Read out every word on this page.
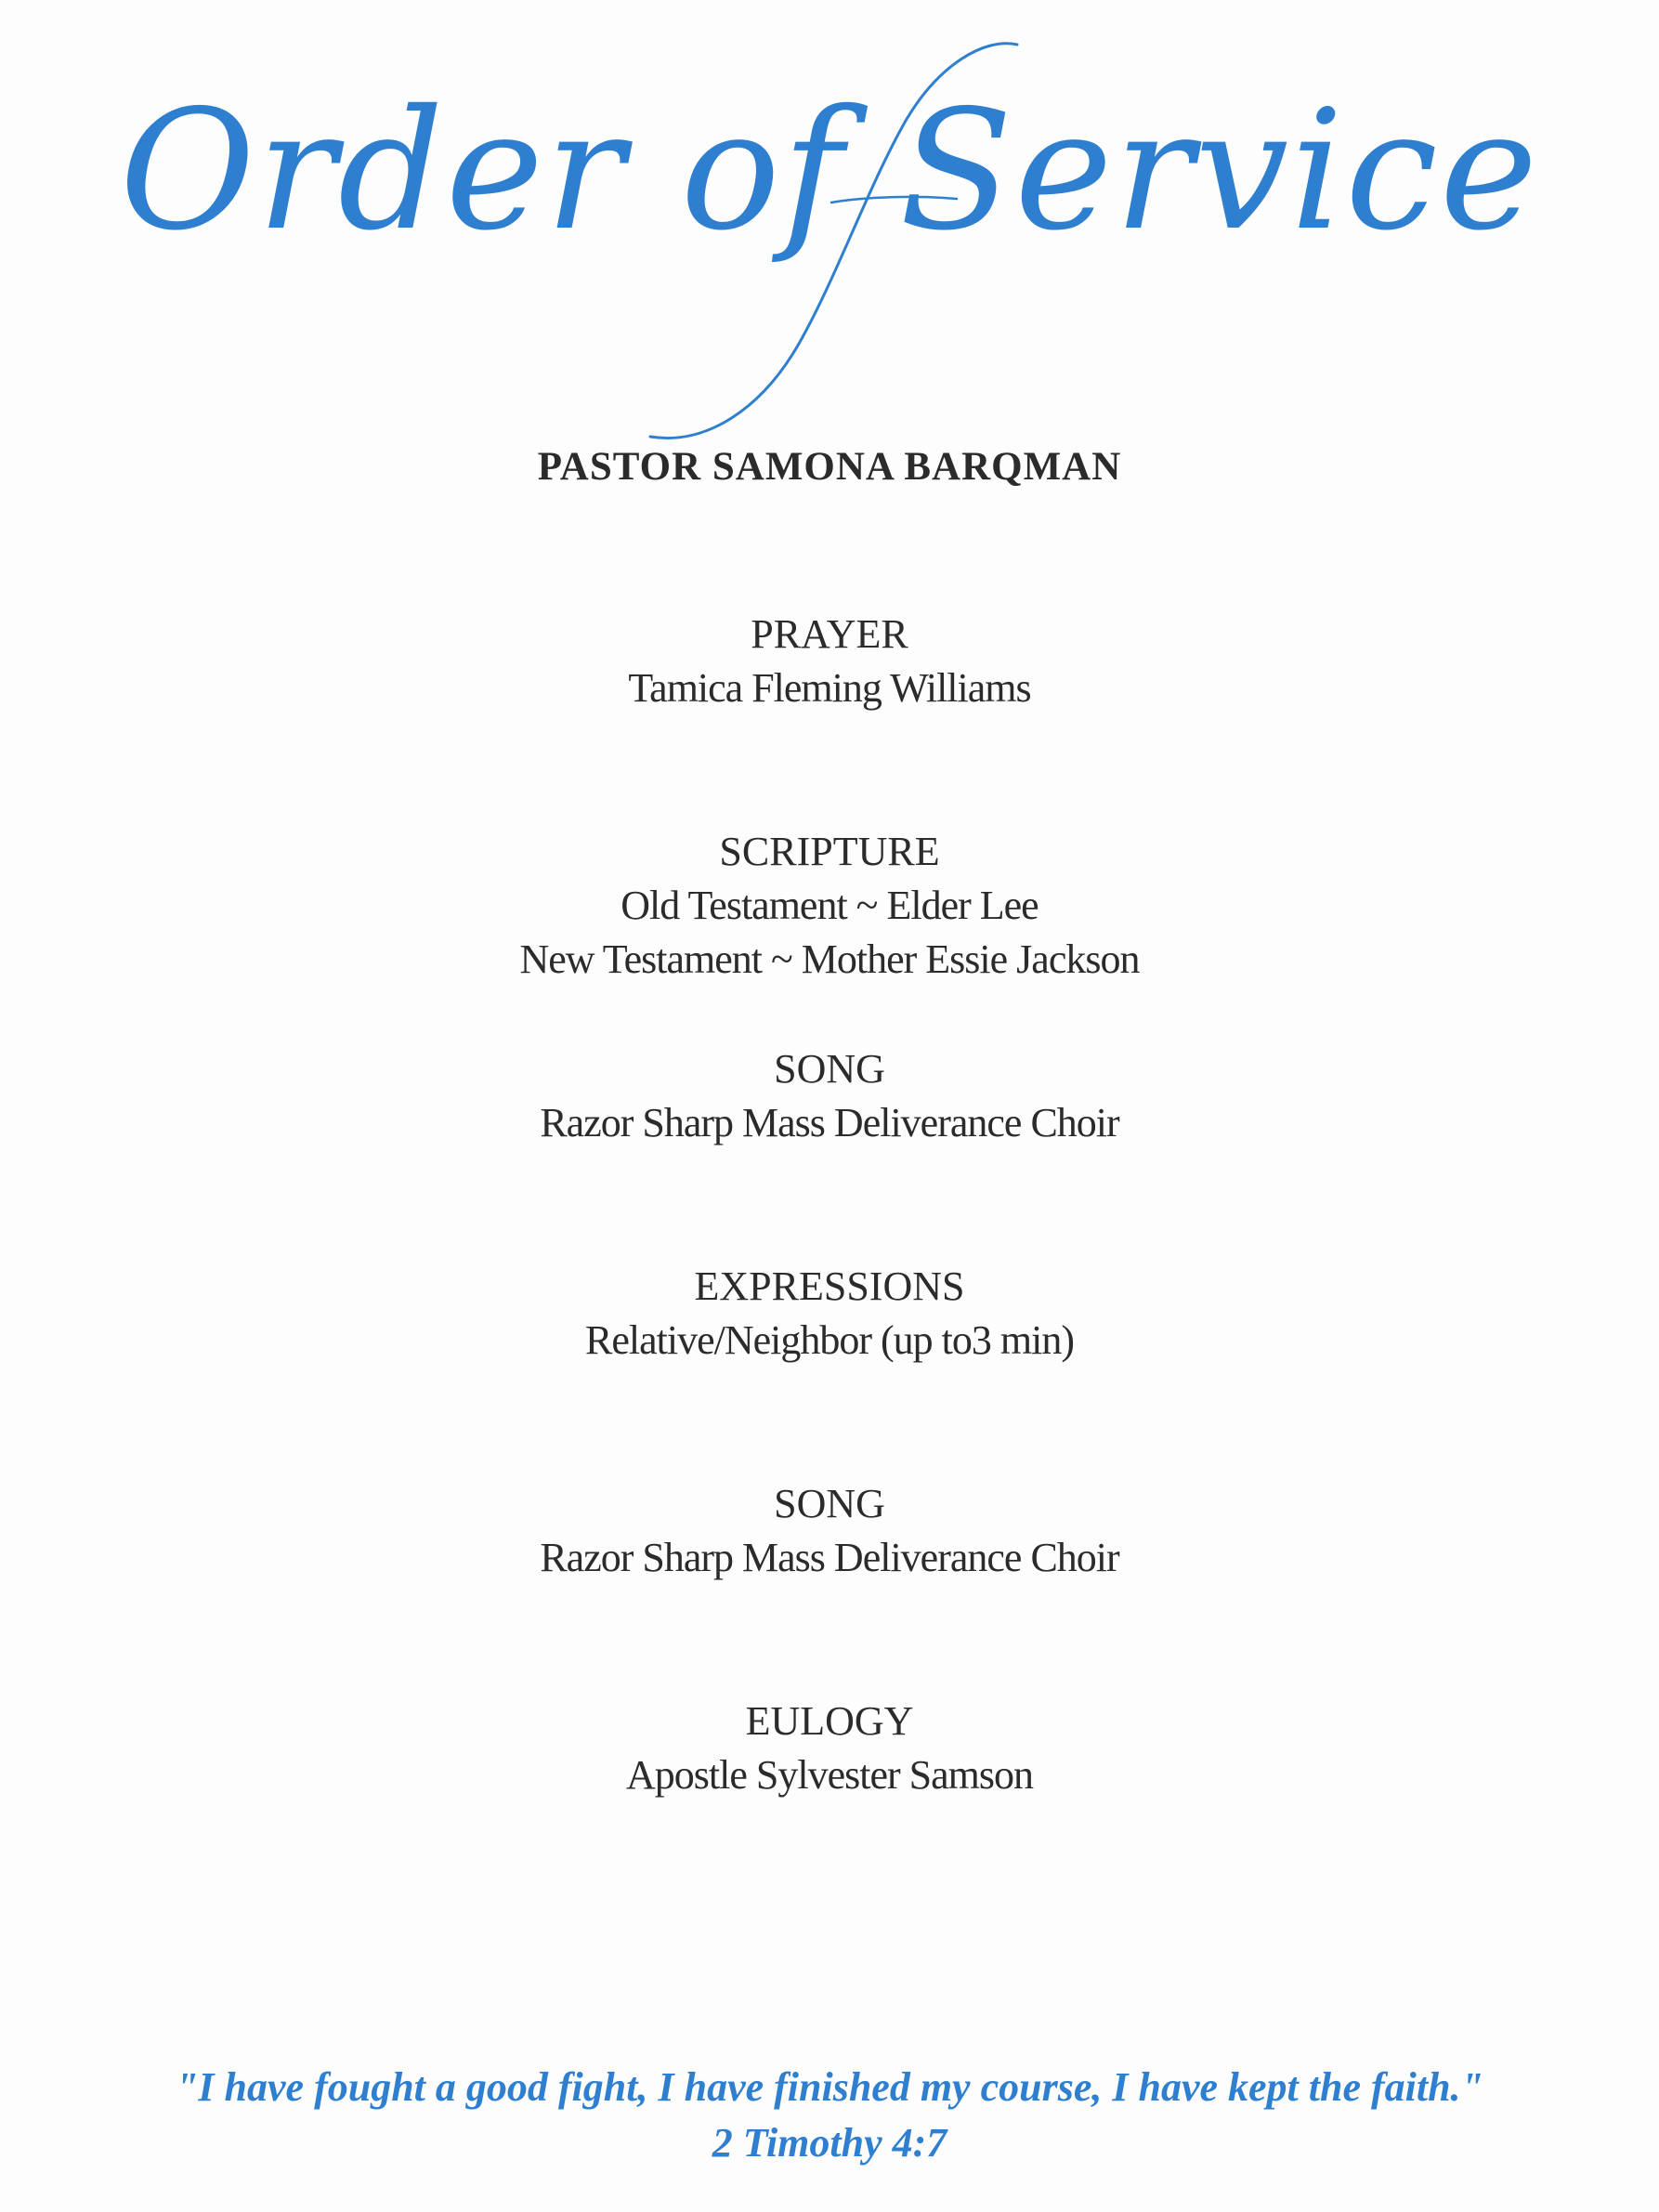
Order of Service
PASTOR SAMONA BARQMAN
PRAYER
Tamica Fleming Williams
SCRIPTURE
Old Testament ~ Elder Lee
New Testament ~ Mother Essie Jackson
SONG
Razor Sharp Mass Deliverance Choir
EXPRESSIONS
Relative/Neighbor (up to3 min)
SONG
Razor Sharp Mass Deliverance Choir
EULOGY
Apostle Sylvester Samson

"I have fought a good fight, I have finished my course, I have kept the faith."

2 Timothy 4:7
